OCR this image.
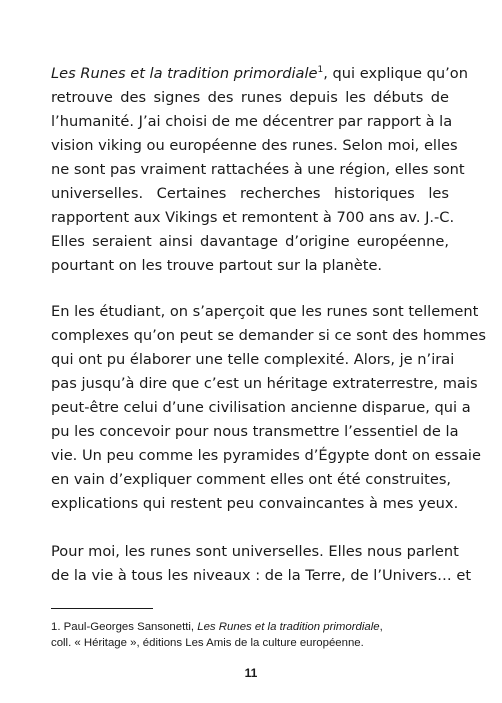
Les Runes et la tradition primordiale$^1$, qui explique qu’on
retrouve des signes des runes depuis les débuts de
l’humanité. J’ai choisi de me décentrer par rapport à la
vision viking ou européenne des runes. Selon moi, elles
ne sont pas vraiment rattachées à une région, elles sont
universelles. Certaines recherches historiques les
rapportent aux Vikings et remontent à 700 ans av. J.-C.
Elles seraient ainsi davantage d’origine européenne,
pourtant on les trouve partout sur la planète.
En les étudiant, on s’aperçoit que les runes sont tellement
complexes qu’on peut se demander si ce sont des hommes
qui ont pu élaborer une telle complexité. Alors, je n’irai
pas jusqu’à dire que c’est un héritage extraterrestre, mais
peut-être celui d’une civilisation ancienne disparue, qui a
pu les concevoir pour nous transmettre l’essentiel de la
vie. Un peu comme les pyramides d’Égypte dont on essaie
en vain d’expliquer comment elles ont été construites,
explications qui restent peu convaincantes à mes yeux.
Pour moi, les runes sont universelles. Elles nous parlent
de la vie à tous les niveaux : de la Terre, de l’Univers… et
1. Paul-Georges Sansonetti, Les Runes et la tradition primordiale,
coll. « Héritage », éditions Les Amis de la culture européenne.
11
